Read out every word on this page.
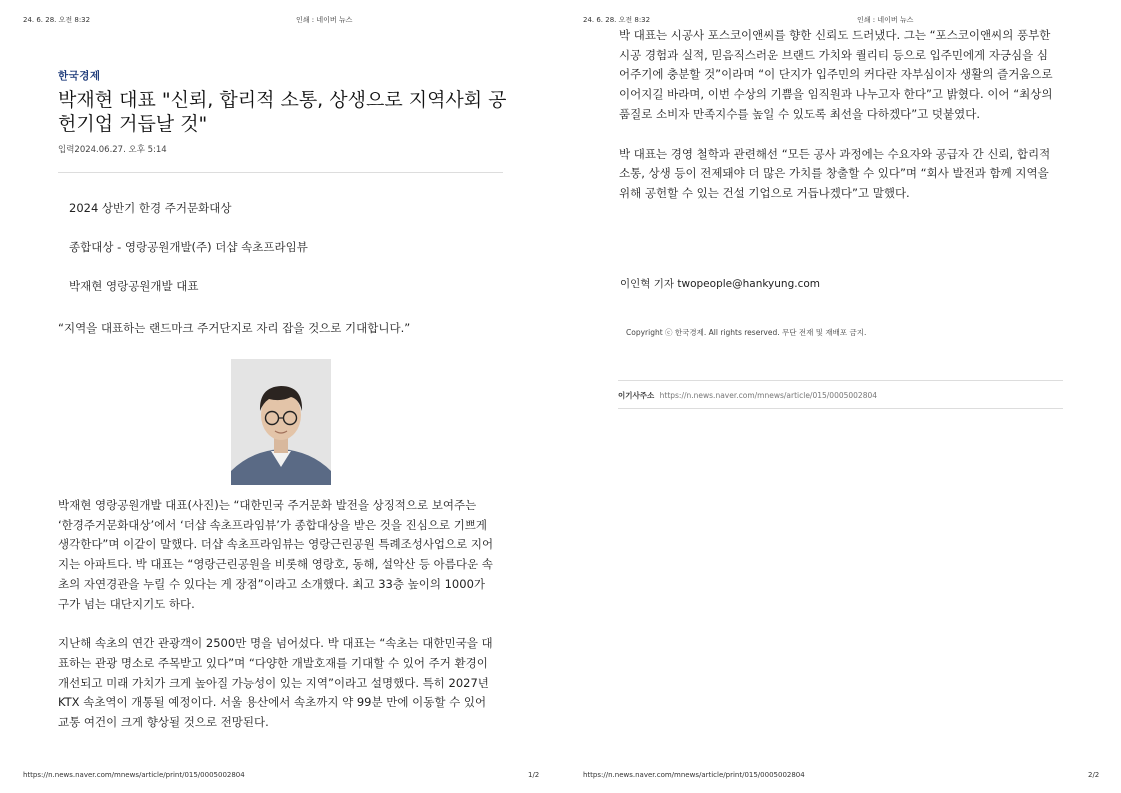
24. 6. 28. 오전 8:32	인쇄 : 네이버 뉴스
한국경제
박재현 대표 "신뢰, 합리적 소통, 상생으로 지역사회 공헌기업 거듭날 것"
입력2024.06.27. 오후 5:14
2024 상반기 한경 주거문화대상
종합대상 - 영랑공원개발(주) 더샵 속초프라임뷰
박재현 영랑공원개발 대표
“지역을 대표하는 랜드마크 주거단지로 자리 잡을 것으로 기대합니다.”

박재현 영랑공원개발 대표(사진)는 “대한민국 주거문화 발전을 상징적으로 보여주는 ‘한경주거문화대상’에서 ‘더샵 속초프라임뷰’가 종합대상을 받은 것을 진심으로 기쁘게 생각한다”며 이같이 말했다. 더샵 속초프라임뷰는 영랑근린공원 특례조성사업으로 지어지는 아파트다. 박 대표는 “영랑근린공원을 비롯해 영랑호, 동해, 설악산 등 아름다운 속초의 자연경관을 누릴 수 있다는 게 장점”이라고 소개했다. 최고 33층 높이의 1000가구가 넘는 대단지기도 하다.

지난해 속초의 연간 관광객이 2500만 명을 넘어섰다. 박 대표는 “속초는 대한민국을 대표하는 관광 명소로 주목받고 있다”며 “다양한 개발호재를 기대할 수 있어 주거 환경이 개선되고 미래 가치가 크게 높아질 가능성이 있는 지역”이라고 설명했다. 특히 2027년 KTX 속초역이 개통될 예정이다. 서울 용산에서 속초까지 약 99분 만에 이동할 수 있어 교통 여건이 크게 향상될 것으로 전망된다.

https://n.news.naver.com/mnews/article/print/015/0005002804	1/2
24. 6. 28. 오전 8:32	인쇄 : 네이버 뉴스

박 대표는 시공사 포스코이앤씨를 향한 신뢰도 드러냈다. 그는 “포스코이앤씨의 풍부한 시공 경험과 실적, 믿음직스러운 브랜드 가치와 퀄리티 등으로 입주민에게 자긍심을 심어주기에 충분할 것”이라며 “이 단지가 입주민의 커다란 자부심이자 생활의 즐거움으로 이어지길 바라며, 이번 수상의 기쁨을 임직원과 나누고자 한다”고 밝혔다. 이어 “최상의 품질로 소비자 만족지수를 높일 수 있도록 최선을 다하겠다”고 덧붙였다.

박 대표는 경영 철학과 관련해선 “모든 공사 과정에는 수요자와 공급자 간 신뢰, 합리적 소통, 상생 등이 전제돼야 더 많은 가치를 창출할 수 있다”며 “회사 발전과 함께 지역을 위해 공헌할 수 있는 건설 기업으로 거듭나겠다”고 말했다.

https://n.news.naver.com/mnews/article/print/015/0005002804	2/2
이인혁 기자 twopeople@hankyung.com
Copyright ⓒ 한국경제. All rights reserved. 무단 전재 및 재배포 금지.
이기사주소 https://n.news.naver.com/mnews/article/015/0005002804
